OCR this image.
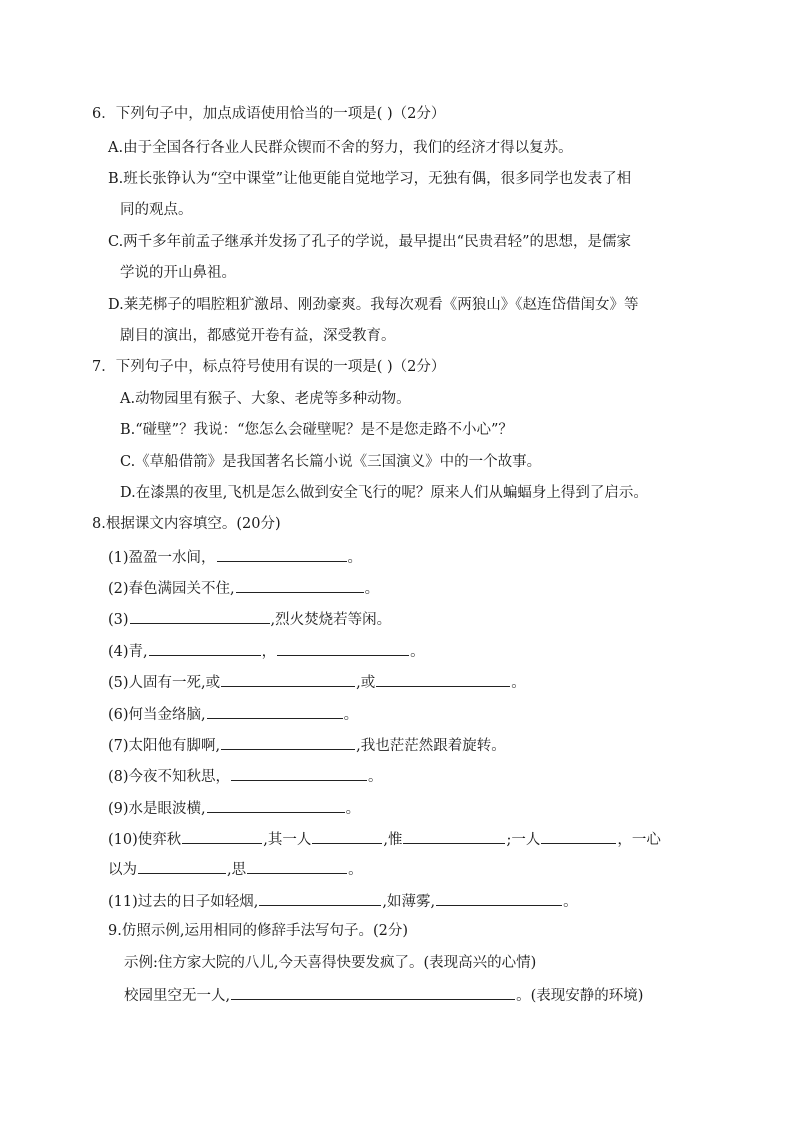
6．下列句子中，加点成语使用恰当的一项是( )（2分）
A.由于全国各行各业人民群众锲而不舍的努力，我们的经济才得以复苏。
B.班长张铮认为“空中课堂”让他更能自觉地学习，无独有偶，很多同学也发表了相
同的观点。
C.两千多年前孟子继承并发扬了孔子的学说，最早提出“民贵君轻”的思想，是儒家
学说的开山鼻祖。
D.莱芜梆子的唱腔粗犷激昂、刚劲豪爽。我每次观看《两狼山》《赵连岱借闺女》等
剧目的演出，都感觉开卷有益，深受教育。
7．下列句子中，标点符号使用有误的一项是( )（2分）
A.动物园里有猴子、大象、老虎等多种动物。
B.“碰壁”？我说：“您怎么会碰壁呢？是不是您走路不小心”？
C.《草船借箭》是我国著名长篇小说《三国演义》中的一个故事。
D.在漆黑的夜里,飞机是怎么做到安全飞行的呢？原来人们从蝙蝠身上得到了启示。
8.根据课文内容填空。(20分)
(1)盈盈一水间，	。
(2)春色满园关不住,	。
(3)	,烈火焚烧若等闲。
(4)青,	，	。
(5)人固有一死,或	,或	。
(6)何当金络脑,	。
(7)太阳他有脚啊,	,我也茫茫然跟着旋转。
(8)今夜不知秋思，	。
(9)水是眼波横,	。
(10)使弈秋	,其一人	,惟	;一人	，一心
以为	,思	。
(11)过去的日子如轻烟,	,如薄雾,	。
9.仿照示例,运用相同的修辞手法写句子。(2分)
示例:住方家大院的八儿,今天喜得快要发疯了。(表现高兴的心情)
校园里空无一人,	。(表现安静的环境)
